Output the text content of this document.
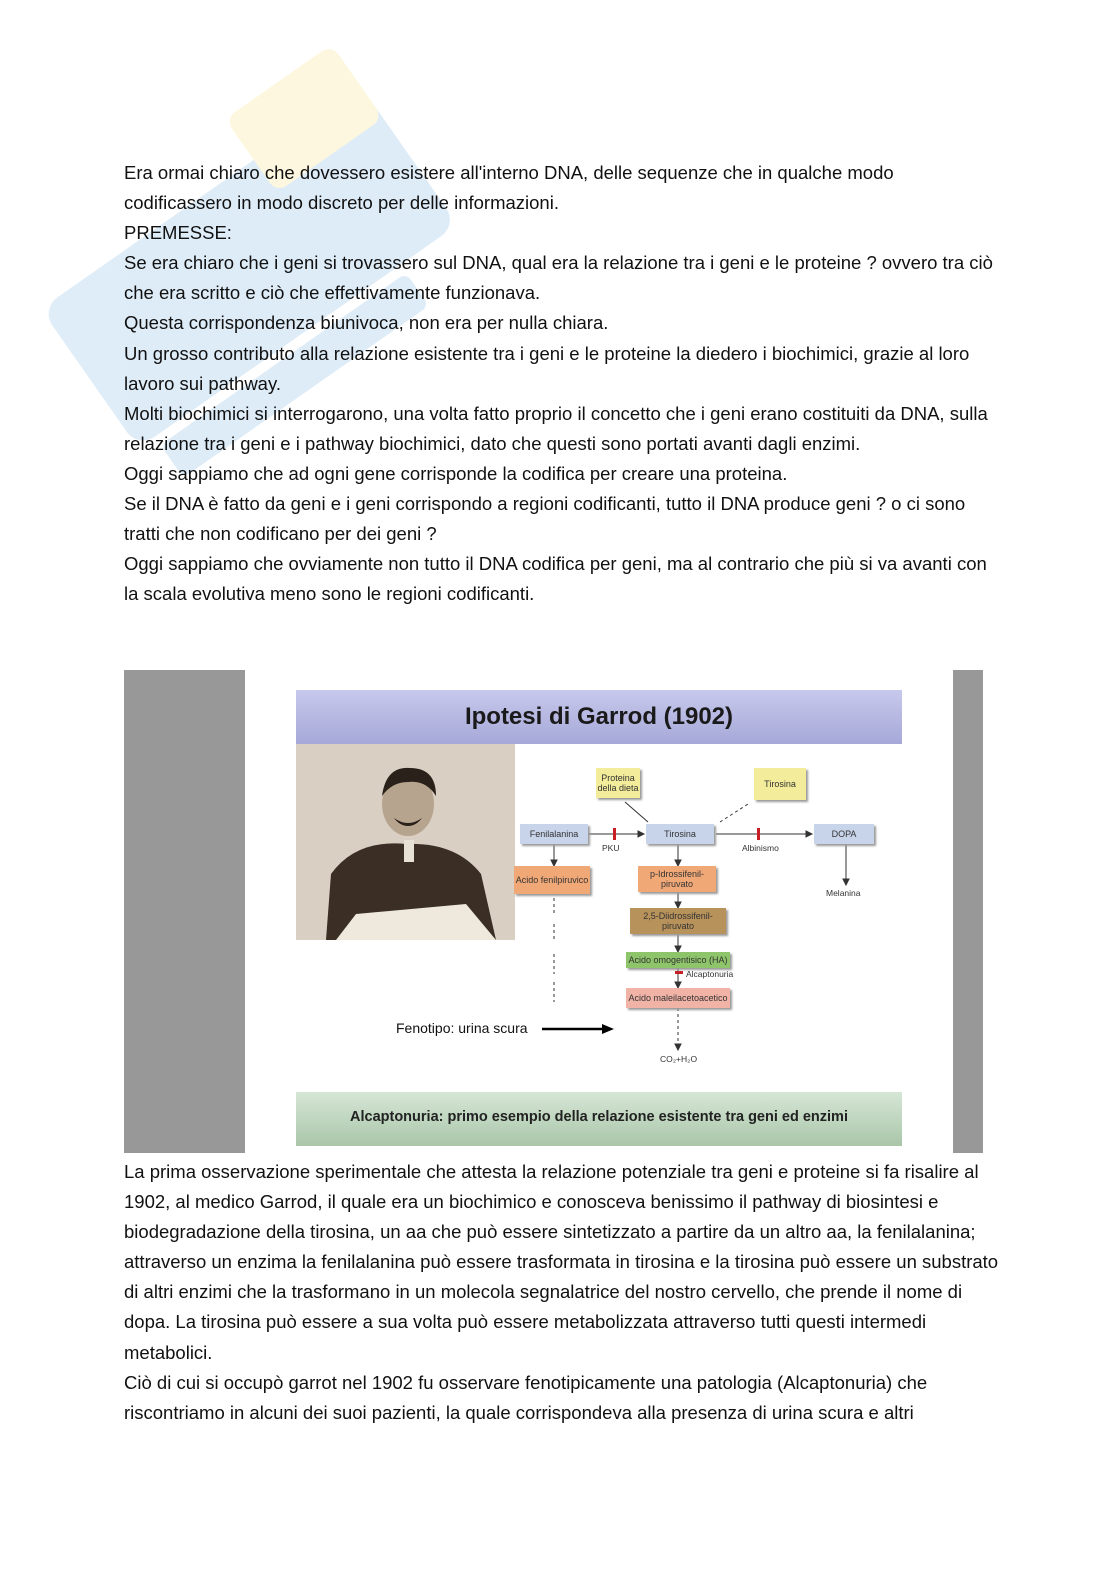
Era ormai chiaro che dovessero esistere all'interno DNA, delle sequenze che in qualche modo codificassero in modo discreto per delle informazioni.

PREMESSE:

Se era chiaro che i geni si trovassero sul DNA, qual era la relazione tra i geni e le proteine ? ovvero tra ciò che era scritto e ciò che effettivamente funzionava.

Questa corrispondenza biunivoca, non era per nulla chiara.

Un grosso contributo alla relazione esistente tra i geni e le proteine la diedero i biochimici, grazie al loro lavoro sui pathway.

Molti biochimici si interrogarono, una volta fatto proprio il concetto che i geni erano costituiti da DNA, sulla relazione tra i geni e i pathway biochimici, dato che questi sono portati avanti dagli enzimi.

Oggi sappiamo che ad ogni gene corrisponde la codifica per creare una proteina.

Se il DNA è fatto da geni e i geni corrispondo a regioni codificanti, tutto il DNA produce geni ? o ci sono tratti che non codificano per dei geni ?

Oggi sappiamo che ovviamente non tutto il DNA codifica per geni, ma al contrario che più si va avanti con la scala evolutiva meno sono le regioni codificanti.

Ipotesi di Garrod (1902)
Proteina della dieta	Tirosina
Fenilalanina	Tirosina	DOPA
Acido fenilpiruvico
p-Idrossifenil-piruvato
2,5-Diidrossifenil-piruvato
Acido omogentisico (HA)
Acido maleilacetoacetico
PKU	Albinismo
Melanina
Alcaptonuria
CO₂+H₂O
Fenotipo: urina scura
Alcaptonuria: primo esempio della relazione esistente tra geni ed enzimi

La prima osservazione sperimentale che attesta la relazione potenziale tra geni e proteine si fa risalire al 1902, al medico Garrod, il quale era un biochimico e conosceva benissimo il pathway di biosintesi e biodegradazione della tirosina, un aa che può essere sintetizzato a partire da un altro aa, la fenilalanina; attraverso un enzima la fenilalanina può essere trasformata in tirosina e la tirosina può essere un substrato di altri enzimi che la trasformano in un molecola segnalatrice del nostro cervello, che prende il nome di dopa. La tirosina può essere a sua volta può essere metabolizzata attraverso tutti questi intermedi metabolici.

Ciò di cui si occupò garrot nel 1902 fu osservare fenotipicamente una patologia (Alcaptonuria) che riscontriamo in alcuni dei suoi pazienti, la quale corrispondeva alla presenza di urina scura e altri
